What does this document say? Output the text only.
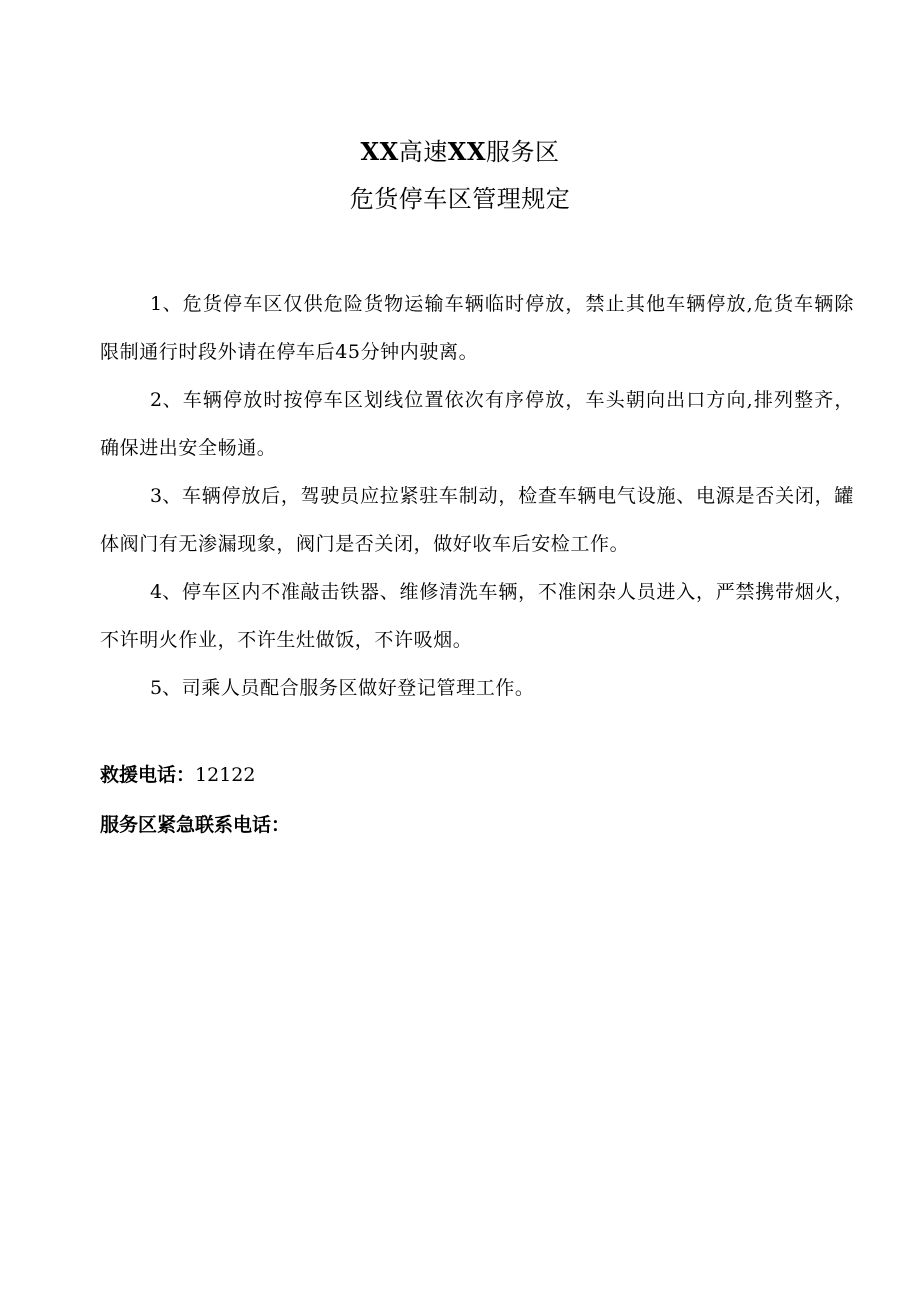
XX高速XX服务区
危货停车区管理规定
1、危货停车区仅供危险货物运输车辆临时停放，禁止其他车辆停放,危货车辆除限制通行时段外请在停车后45分钟内驶离。
2、车辆停放时按停车区划线位置依次有序停放，车头朝向出口方向,排列整齐，确保进出安全畅通。
3、车辆停放后，驾驶员应拉紧驻车制动，检查车辆电气设施、电源是否关闭，罐体阀门有无渗漏现象，阀门是否关闭，做好收车后安检工作。
4、停车区内不准敲击铁器、维修清洗车辆，不准闲杂人员进入，严禁携带烟火，不许明火作业，不许生灶做饭，不许吸烟。
5、司乘人员配合服务区做好登记管理工作。
救援电话：12122
服务区紧急联系电话：
